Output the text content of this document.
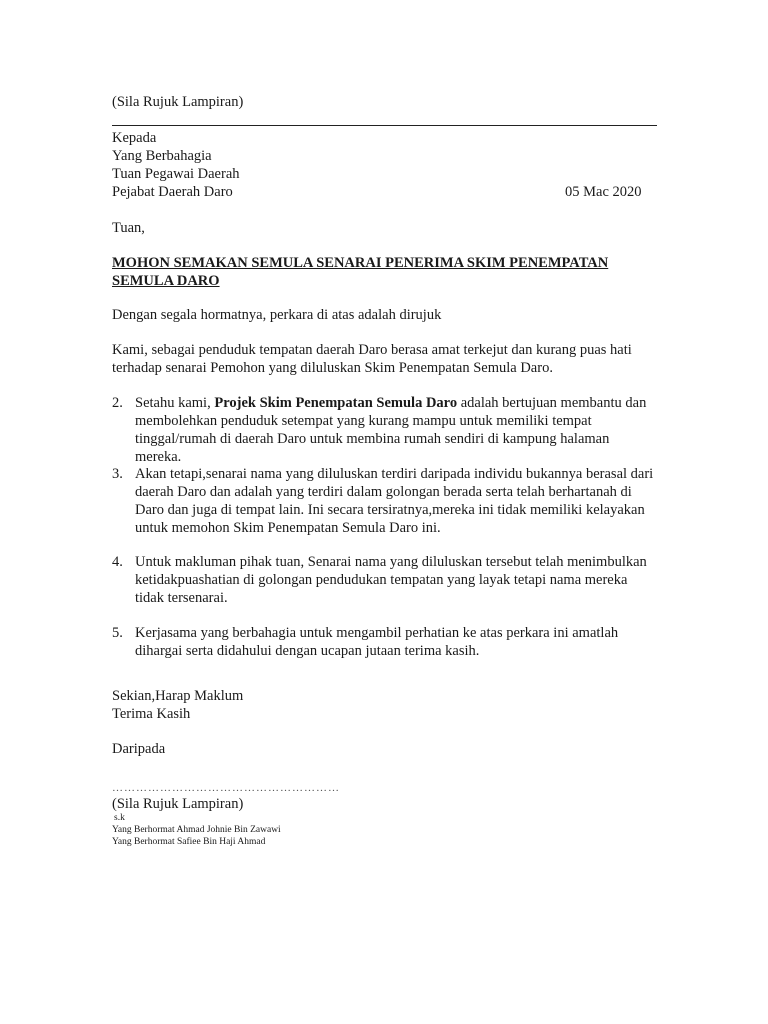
(Sila Rujuk Lampiran)
Kepada
Yang Berbahagia
Tuan Pegawai Daerah
Pejabat Daerah Daro	05 Mac 2020
Tuan,
MOHON SEMAKAN SEMULA SENARAI PENERIMA SKIM PENEMPATAN SEMULA DARO
Dengan segala hormatnya, perkara di atas adalah dirujuk
Kami, sebagai penduduk tempatan daerah Daro berasa amat terkejut dan kurang puas hati terhadap senarai Pemohon yang diluluskan Skim Penempatan Semula Daro.
2. Setahu kami, Projek Skim Penempatan Semula Daro adalah bertujuan membantu dan membolehkan penduduk setempat yang kurang mampu untuk memiliki tempat tinggal/rumah di daerah Daro untuk membina rumah sendiri di kampung halaman mereka.
3. Akan tetapi,senarai nama yang diluluskan terdiri daripada individu bukannya berasal dari daerah Daro dan adalah yang terdiri dalam golongan berada serta telah berhartanah di Daro dan juga di tempat lain. Ini secara tersiratnya,mereka ini tidak memiliki kelayakan untuk memohon Skim Penempatan Semula Daro ini.
4. Untuk makluman pihak tuan, Senarai nama yang diluluskan tersebut telah menimbulkan ketidakpuashatian di golongan pendudukan tempatan yang layak tetapi nama mereka tidak tersenarai.
5. Kerjasama yang berbahagia untuk mengambil perhatian ke atas perkara ini amatlah dihargai serta didahului dengan ucapan jutaan terima kasih.
Sekian,Harap Maklum
Terima Kasih
Daripada
…………………………………………………
(Sila Rujuk Lampiran)
s.k
Yang Berhormat Ahmad Johnie Bin Zawawi
Yang Berhormat Safiee Bin Haji Ahmad
